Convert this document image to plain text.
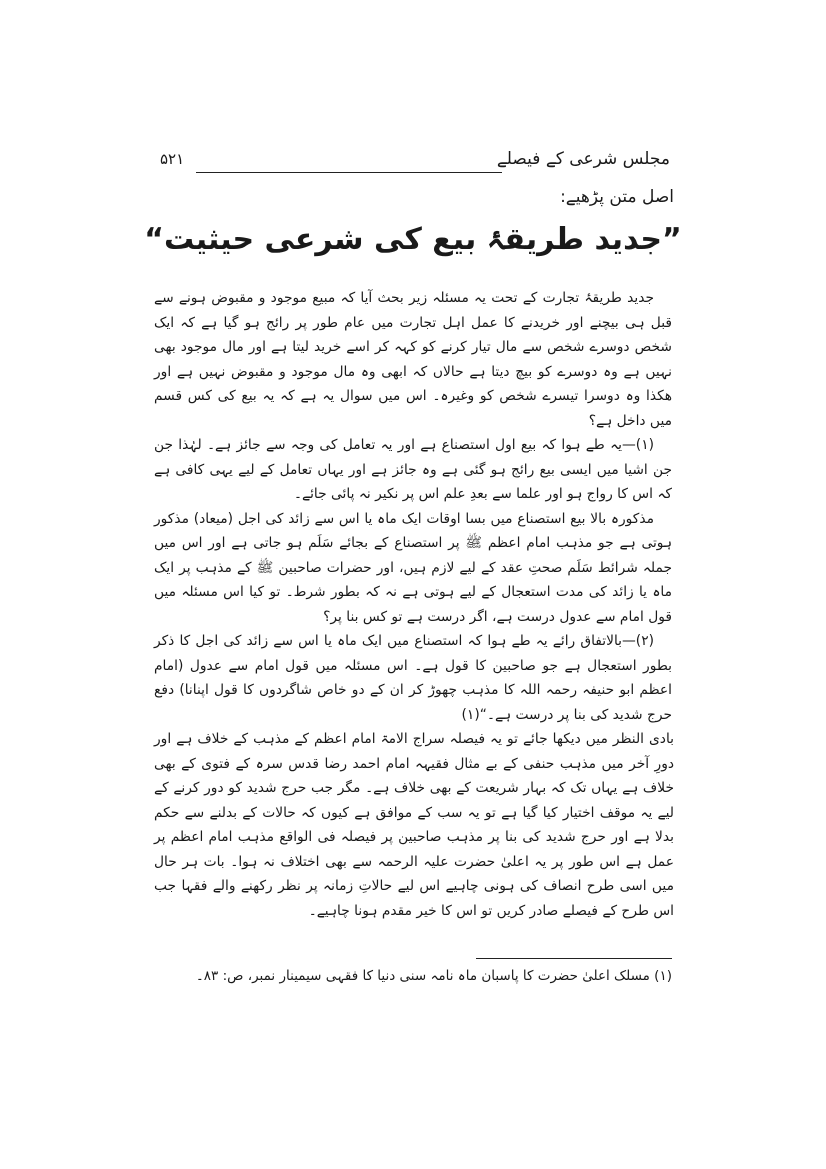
مجلس شرعی کے فیصلے
۵۲۱
اصل متن پڑھیے:
”جدید طریقۂ بیع کی شرعی حیثیت“

جدید طریقۂ تجارت کے تحت یہ مسئلہ زیر بحث آیا کہ مبیع موجود و مقبوض ہونے سے قبل ہی بیچنے اور خریدنے کا عمل اہل تجارت میں عام طور پر رائج ہو گیا ہے کہ ایک شخص دوسرے شخص سے مال تیار کرنے کو کہہ کر اسے خرید لیتا ہے اور مال موجود بھی نہیں ہے وہ دوسرے کو بیچ دیتا ہے حالاں کہ ابھی وہ مال موجود و مقبوض نہیں ہے اور ھکذا وہ دوسرا تیسرے شخص کو وغیرہ۔ اس میں سوال یہ ہے کہ یہ بیع کی کس قسم میں داخل ہے؟

(۱)—یہ طے ہوا کہ بیع اول استصناع ہے اور یہ تعامل کی وجہ سے جائز ہے۔ لہٰذا جن جن اشیا میں ایسی بیع رائج ہو گئی ہے وہ جائز ہے اور یہاں تعامل کے لیے یہی کافی ہے کہ اس کا رواج ہو اور علما سے بعدِ علم اس پر نکیر نہ پائی جائے۔

مذکورہ بالا بیع استصناع میں بسا اوقات ایک ماہ یا اس سے زائد کی اجل (میعاد) مذکور ہوتی ہے جو مذہب امام اعظم ﷺ پر استصناع کے بجائے سَلَم ہو جاتی ہے اور اس میں جملہ شرائط سَلَم صحتِ عقد کے لیے لازم ہیں، اور حضرات صاحبین ﷺ کے مذہب پر ایک ماہ یا زائد کی مدت استعجال کے لیے ہوتی ہے نہ کہ بطور شرط۔ تو کیا اس مسئلہ میں قول امام سے عدول درست ہے، اگر درست ہے تو کس بنا پر؟

(۲)—بالاتفاق رائے یہ طے ہوا کہ استصناع میں ایک ماہ یا اس سے زائد کی اجل کا ذکر بطور استعجال ہے جو صاحبین کا قول ہے۔ اس مسئلہ میں قول امام سے عدول (امام اعظم ابو حنیفہ رحمہ اللہ کا مذہب چھوڑ کر ان کے دو خاص شاگردوں کا قول اپنانا) دفع حرج شدید کی بنا پر درست ہے۔“(۱)

بادی النظر میں دیکھا جائے تو یہ فیصلہ سراج الامۃ امام اعظم کے مذہب کے خلاف ہے اور دورِ آخر میں مذہب حنفی کے بے مثال فقیہہ امام احمد رضا قدس سرہ کے فتوی کے بھی خلاف ہے یہاں تک کہ بہار شریعت کے بھی خلاف ہے۔ مگر جب حرج شدید کو دور کرنے کے لیے یہ موقف اختیار کیا گیا ہے تو یہ سب کے موافق ہے کیوں کہ حالات کے بدلنے سے حکم بدلا ہے اور حرج شدید کی بنا پر مذہب صاحبین پر فیصلہ فی الواقع مذہب امام اعظم پر عمل ہے اس طور پر یہ اعلیٰ حضرت علیہ الرحمہ سے بھی اختلاف نہ ہوا۔ بات ہر حال میں اسی طرح انصاف کی ہونی چاہیے اس لیے حالاتِ زمانہ پر نظر رکھنے والے فقہا جب اس طرح کے فیصلے صادر کریں تو اس کا خیر مقدم ہونا چاہیے۔

(۱) مسلک اعلیٰ حضرت کا پاسبان ماہ نامہ سنی دنیا کا فقہی سیمینار نمبر، ص: ۸۳۔
